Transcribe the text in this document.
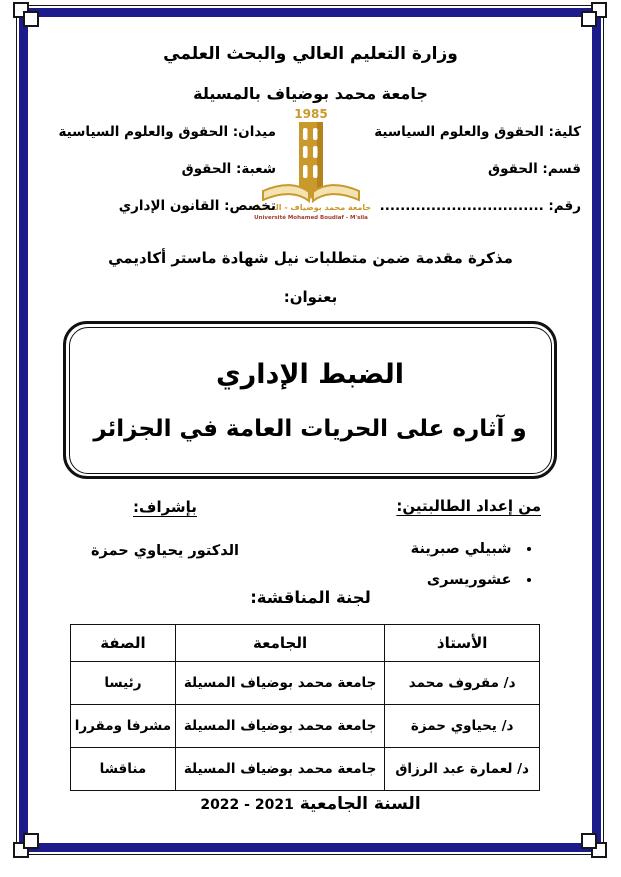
وزارة التعليم العالي والبحث العلمي
جامعة محمد بوضياف بالمسيلة
كلية: الحقوق والعلوم السياسية
قسم: الحقوق
رقم: ................................
1985
جامعة محمد بوضياف - المسيلة
Université Mohamed Boudiaf - M'sila
ميدان: الحقوق والعلوم السياسية
شعبة: الحقوق
تخصص: القانون الإداري
مذكرة مقدمة ضمن متطلبات نيل شهادة ماستر أكاديمي
بعنوان:
الضبط الإداري
و آثاره على الحريات العامة في الجزائر
من إعداد الطالبتين:
• شبيلي صبرينة
• عشوريسرى
بإشراف:
الدكتور يحياوي حمزة
لجنة المناقشة:
الأستاذ	الجامعة	الصفة
د/ مقروف محمد	جامعة محمد بوضياف المسيلة	رئيسا
د/ يحياوي حمزة	جامعة محمد بوضياف المسيلة	مشرفا ومقررا
د/ لعمارة عبد الرزاق	جامعة محمد بوضياف المسيلة	مناقشا
السنة الجامعية 2021 - 2022
